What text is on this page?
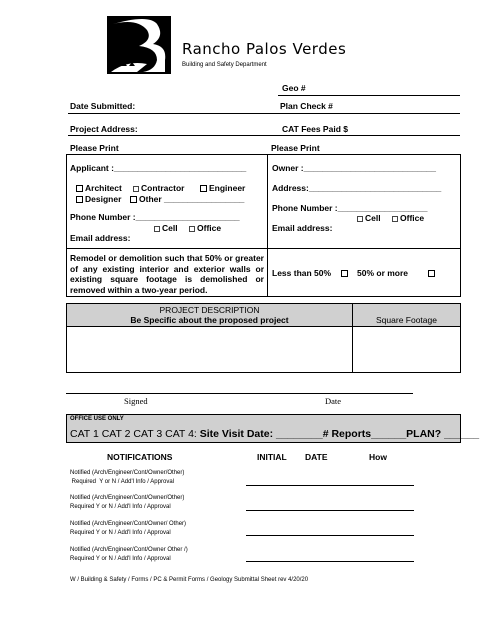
Rancho Palos Verdes
Building and Safety Department
Geo #
Date Submitted:	Plan Check #
Project Address:	CAT Fees Paid $
Please Print	Please Print
Applicant :____________________________
Architect	Contractor	Engineer
Designer	Other _________________
Phone Number :______________________
Cell	Office
Email address:
Owner :____________________________
Address:____________________________
Phone Number :___________________
Cell	Office
Email address:
Remodel or demolition such that 50% or greater of any existing interior and exterior walls or existing square footage is demolished or removed within a two-year period.
Less than 50%	50% or more
PROJECT DESCRIPTION
Be Specific about the proposed project	Square Footage
Signed	Date
OFFICE USE ONLY
CAT 1 CAT 2 CAT 3 CAT 4: Site Visit Date: ________# Reports______PLAN? ______
NOTIFICATIONS	INITIAL DATE	How
Notified (Arch/Engineer/Cont/Owner/Other)
Required  Y or N / Add'l Info / Approval
Notified (Arch/Engineer/Cont/Owner/Other)
Required Y or N / Add'l Info / Approval
Notified (Arch/Engineer/Cont/Owner/ Other)
Required Y or N / Add'l Info / Approval
Notified (Arch/Engineer/Cont/Owner Other /)
Required Y or N / Add'l Info / Approval
W / Building & Safety / Forms / PC & Permit Forms / Geology Submittal Sheet rev 4/20/20
